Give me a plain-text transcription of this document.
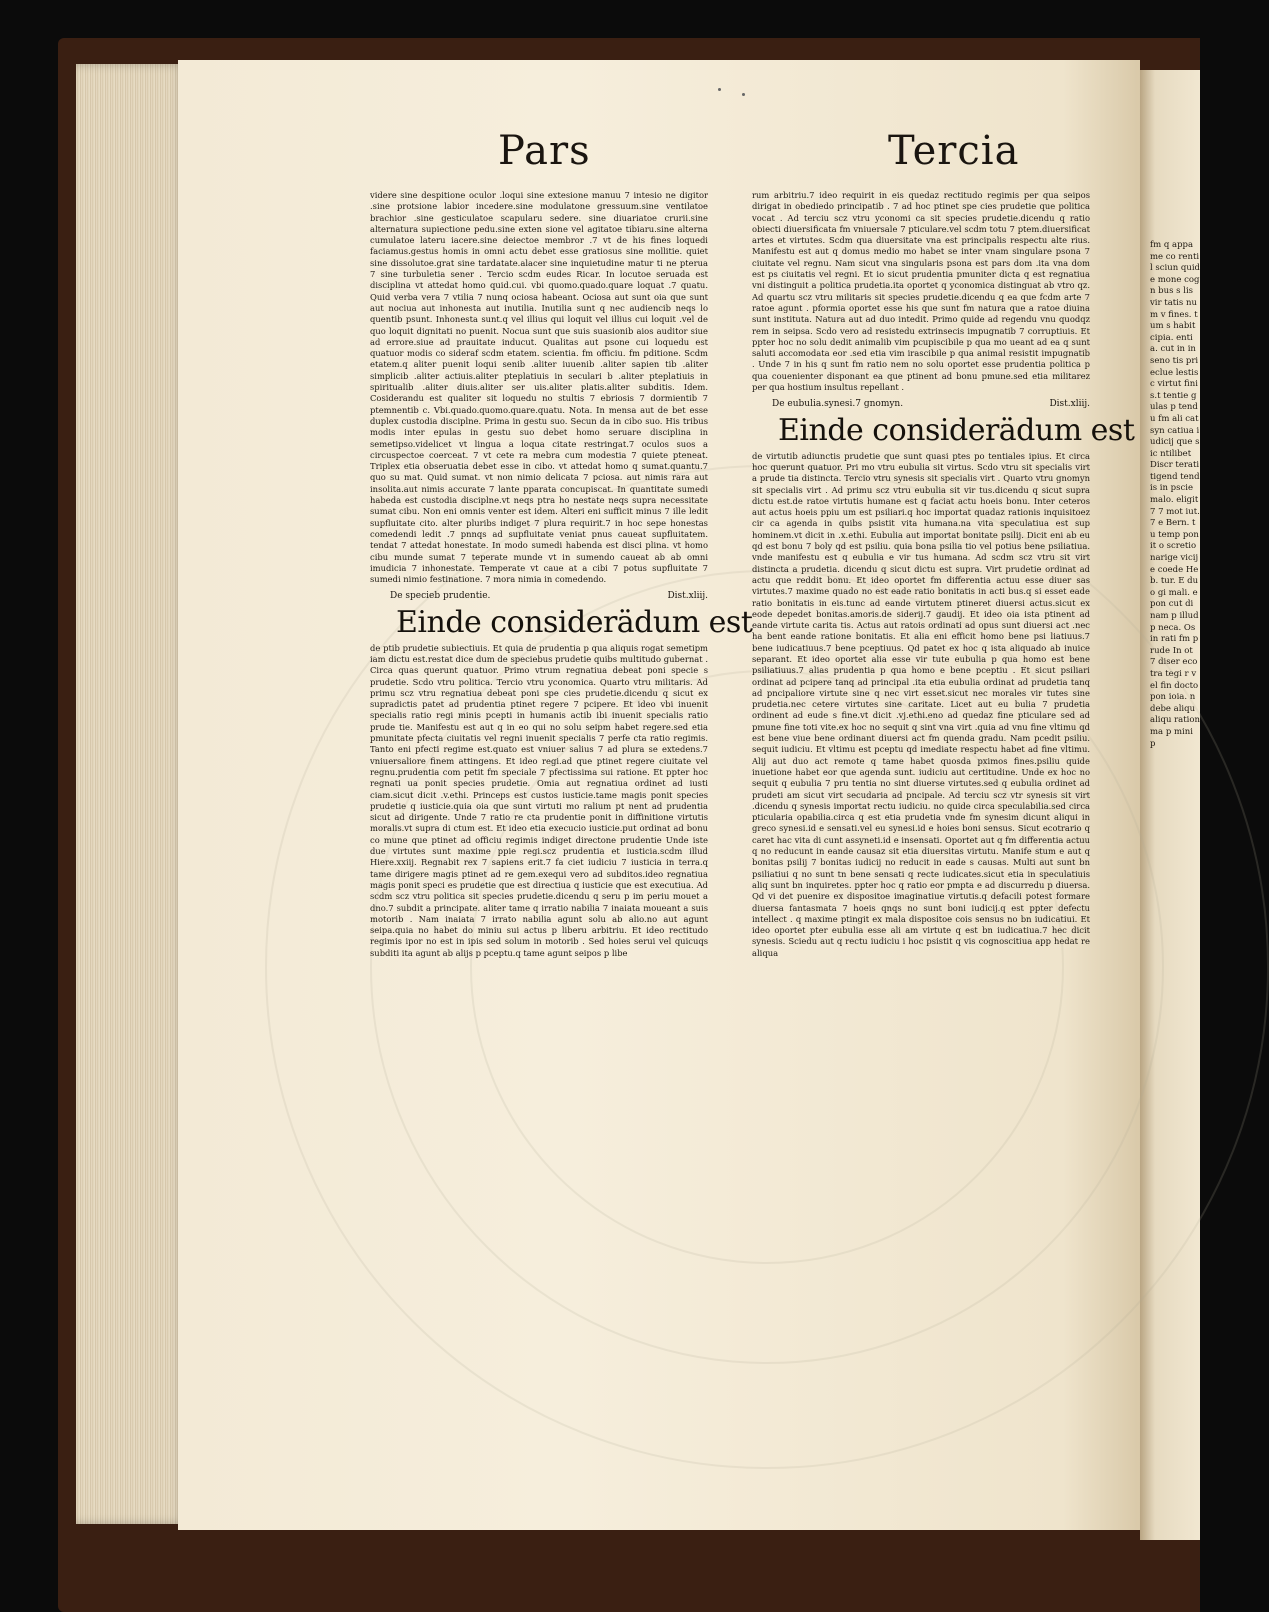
fm q appa me co rentil sciun quide mone cogn bus s lis vir tatis num v fines. tum s habit cipia. entia. cut in inseno tis pri eclue lestis c virtut finis.t tentie gulas p tendu fm ali cat syn catiua iudicij que sic ntilibet Discr terati tigend tendis in pscie malo. eligit 7 7 mot iut.7 e Bern. tu temp ponit o scretio narige vicij e coede Heb. tur. E duo gi mali. epon cut di nam p illud p neca. Os in rati fm prude In ot 7 diser ecotra tegi r vel fin docto pon ioia. n debe aliqu aliqu ration ma p mini p
Pars	Tercia

videre sine despitione oculor .loqui sine extesione manuu 7 intesio ne digitor .sine protsione labior incedere.sine modulatone gressuum.sine ventilatoe brachior .sine gesticulatoe scapularu sedere. sine diuariatoe crurii.sine alternatura supiectione pedu.sine exten sione vel agitatoe tibiaru.sine alterna cumulatoe lateru iacere.sine deiectoe membror .7 vt de his fines loquedi faciamus.gestus homis in omni actu debet esse gratiosus sine mollitie. quiet sine dissolutoe.grat sine tardatate.alacer sine inquietudine matur ti ne pterua 7 sine turbuletia sener . Tercio scdm eudes Ricar. In locutoe seruada est disciplina vt attedat homo quid.cui. vbi quomo.quado.quare loquat .7 quatu. Quid verba vera 7 vtilia 7 nunq ociosa habeant. Ociosa aut sunt oia que sunt aut nociua aut inhonesta aut inutilia. Inutilia sunt q nec audiencib neqs lo quentib psunt. Inhonesta sunt.q vel illius qui loquit vel illius cui loquit .vel de quo loquit dignitati no puenit. Nocua sunt que suis suasionib aios auditor siue ad errore.siue ad prauitate inducut. Qualitas aut psone cui loquedu est quatuor modis co sideraf scdm etatem. scientia. fm officiu. fm pditione. Scdm etatem.q aliter puenit loqui senib .aliter iuuenib .aliter sapien tib .aliter simplicib .aliter actiuis.aliter pteplatiuis in seculari b .aliter pteplatiuis in spiritualib .aliter diuis.aliter ser uis.aliter platis.aliter subditis. Idem. Cosiderandu est qualiter sit loquedu no stultis 7 ebriosis 7 dormientib 7 ptemnentib c. Vbi.quado.quomo.quare.quatu. Nota. In mensa aut de bet esse duplex custodia disciplne. Prima in gestu suo. Secun da in cibo suo. His tribus modis inter epulas in gestu suo debet homo seruare disciplina in semetipso.videlicet vt lingua a loqua citate restringat.7 oculos suos a circuspectoe coerceat. 7 vt cete ra mebra cum modestia 7 quiete pteneat. Triplex etia obseruatia debet esse in cibo. vt attedat homo q sumat.quantu.7 quo su mat. Quid sumat. vt non nimio delicata 7 pciosa. aut nimis rara aut insolita.aut nimis accurate 7 lante pparata concupiscat. In quantitate sumedi habeda est custodia disciplne.vt neqs ptra ho nestate neqs supra necessitate sumat cibu. Non eni omnis venter est idem. Alteri eni sufficit minus 7 ille ledit supfluitate cito. alter pluribs indiget 7 plura requirit.7 in hoc sepe honestas comedendi ledit .7 pnnqs ad supfluitate veniat pnus caueat supfluitatem. tendat 7 attedat honestate. In modo sumedi habenda est disci plina. vt homo cibu munde sumat 7 teperate munde vt in sumendo caueat ab ab omni imudicia 7 inhonestate. Temperate vt caue at a cibi 7 potus supfluitate 7 sumedi nimio festinatione. 7 mora nimia in comedendo.

De specieb prudentie.	Dist.xliij.
Einde considerädum est

de ptib prudetie subiectiuis. Et quia de prudentia p qua aliquis rogat semetipm iam dictu est.restat dice dum de speciebus prudetie quibs multitudo gubernat . Circa quas querunt quatuor. Primo vtrum regnatiua debeat poni specie s prudetie. Scdo vtru politica. Tercio vtru yconomica. Quarto vtru militaris. Ad primu scz vtru regnatiua debeat poni spe cies prudetie.dicendu q sicut ex supradictis patet ad prudentia ptinet regere 7 pcipere. Et ideo vbi inuenit specialis ratio regi minis pcepti in humanis actib ibi inuenit specialis ratio prude tie. Manifestu est aut q in eo qui no solu seipm habet regere.sed etia pmunitate pfecta ciuitatis vel regni inuenit specialis 7 perfe cta ratio regimis. Tanto eni pfecti regime est.quato est vniuer salius 7 ad plura se extedens.7 vniuersaliore finem attingens. Et ideo regi.ad que ptinet regere ciuitate vel regnu.prudentia com petit fm speciale 7 pfectissima sui ratione. Et ppter hoc regnati ua ponit species prudetie. Omia aut regnatiua ordinet ad iusti ciam.sicut dicit .v.ethi. Princeps est custos iusticie.tame magis ponit species prudetie q iusticie.quia oia que sunt virtuti mo ralium pt nent ad prudentia sicut ad dirigente. Unde 7 ratio re cta prudentie ponit in diffinitione virtutis moralis.vt supra di ctum est. Et ideo etia execucio iusticie.put ordinat ad bonu co mune que ptinet ad officiu regimis indiget directone prudentie Unde iste due virtutes sunt maxime ppie regi.scz prudentia et iusticia.scdm illud Hiere.xxiij. Regnabit rex 7 sapiens erit.7 fa ciet iudiciu 7 iusticia in terra.q tame dirigere magis ptinet ad re gem.exequi vero ad subditos.ideo regnatiua magis ponit speci es prudetie que est directiua q iusticie que est executiua. Ad scdm scz vtru politica sit species prudetie.dicendu q seru p im periu mouet a dno.7 subdit a principate. aliter tame q irratio nabilia 7 inaiata moueant a suis motorib . Nam inaiata 7 irrato nabilia agunt solu ab alio.no aut agunt seipa.quia no habet do miniu sui actus p liberu arbitriu. Et ideo rectitudo regimis ipor no est in ipis sed solum in motorib . Sed hoies serui vel quicuqs subditi ita agunt ab alijs p pceptu.q tame agunt seipos p libe

rum arbitriu.7 ideo requirit in eis quedaz rectitudo regimis per qua seipos dirigat in obediedo principatib . 7 ad hoc ptinet spe cies prudetie que politica vocat . Ad terciu scz vtru yconomi ca sit species prudetie.dicendu q ratio obiecti diuersificata fm vniuersale 7 pticulare.vel scdm totu 7 ptem.diuersificat artes et virtutes. Scdm qua diuersitate vna est principalis respectu alte rius. Manifestu est aut q domus medio mo habet se inter vnam singulare psona 7 ciuitate vel regnu. Nam sicut vna singularis psona est pars dom .ita vna dom est ps ciuitatis vel regni. Et io sicut prudentia pmuniter dicta q est regnatiua vni distinguit a politica prudetia.ita oportet q yconomica distinguat ab vtro qz. Ad quartu scz vtru militaris sit species prudetie.dicendu q ea que fcdm arte 7 ratoe agunt . pformia oportet esse his que sunt fm natura que a ratoe diuina sunt instituta. Natura aut ad duo intedit. Primo quide ad regendu vnu quodqz rem in seipsa. Scdo vero ad resistedu extrinsecis impugnatib 7 corruptiuis. Et ppter hoc no solu dedit animalib vim pcupiscibile p qua mo ueant ad ea q sunt saluti accomodata eor .sed etia vim irascibile p qua animal resistit impugnatib . Unde 7 in his q sunt fm ratio nem no solu oportet esse prudentia politica p qua couenienter disponant ea que ptinent ad bonu pmune.sed etia militarez per qua hostium insultus repellant .

De eubulia.synesi.7 gnomyn.	Dist.xliij.
Einde considerädum est

de virtutib adiunctis prudetie que sunt quasi ptes po tentiales ipius. Et circa hoc querunt quatuor. Pri mo vtru eubulia sit virtus. Scdo vtru sit specialis virt a prude tia distincta. Tercio vtru synesis sit specialis virt . Quarto vtru gnomyn sit specialis virt . Ad primu scz vtru eubulia sit vir tus.dicendu q sicut supra dictu est.de ratoe virtutis humane est q faciat actu hoeis bonu. Inter ceteros aut actus hoeis ppiu um est psiliari.q hoc importat quadaz rationis inquisitoez cir ca agenda in quibs psistit vita humana.na vita speculatiua est sup hominem.vt dicit in .x.ethi. Eubulia aut importat bonitate psilij. Dicit eni ab eu qd est bonu 7 boly qd est psiliu. quia bona psilia tio vel potius bene psiliatiua. vnde manifestu est q eubulia e vir tus humana. Ad scdm scz vtru sit virt distincta a prudetia. dicendu q sicut dictu est supra. Virt prudetie ordinat ad actu que reddit bonu. Et ideo oportet fm differentia actuu esse diuer sas virtutes.7 maxime quado no est eade ratio bonitatis in acti bus.q si esset eade ratio bonitatis in eis.tunc ad eande virtutem ptineret diuersi actus.sicut ex eode depedet bonitas.amoris.de siderij.7 gaudij. Et ideo oia ista ptinent ad eande virtute carita tis. Actus aut ratois ordinati ad opus sunt diuersi act .nec ha bent eande ratione bonitatis. Et alia eni efficit homo bene psi liatiuus.7 bene iudicatiuus.7 bene pceptiuus. Qd patet ex hoc q ista aliquado ab inuice separant. Et ideo oportet alia esse vir tute eubulia p qua homo est bene psiliatiuus.7 alias prudentia p qua homo e bene pceptiu . Et sicut psiliari ordinat ad pcipere tanq ad principal .ita etia eubulia ordinat ad prudetia tanq ad pncipaliore virtute sine q nec virt esset.sicut nec morales vir tutes sine prudetia.nec cetere virtutes sine caritate. Licet aut eu bulia 7 prudetia ordinent ad eude s fine.vt dicit .vj.ethi.eno ad quedaz fine pticulare sed ad pmune fine toti vite.ex hoc no sequit q sint vna virt .quia ad vnu fine vltimu qd est bene viue bene ordinant diuersi act fm quenda gradu. Nam pcedit psiliu. sequit iudiciu. Et vltimu est pceptu qd imediate respectu habet ad fine vltimu. Alij aut duo act remote q tame habet quosda pximos fines.psiliu quide inuetione habet eor que agenda sunt. iudiciu aut certitudine. Unde ex hoc no sequit q eubulia 7 pru tentia no sint diuerse virtutes.sed q eubulia ordinet ad prudeti am sicut virt secudaria ad pncipale. Ad terciu scz vtr synesis sit virt .dicendu q synesis importat rectu iudiciu. no quide circa speculabilia.sed circa pticularia opabilia.circa q est etia prudetia vnde fm synesim dicunt aliqui in greco synesi.id e sensati.vel eu synesi.id e hoies boni sensus. Sicut ecotrario q caret hac vita di cunt assyneti.id e insensati. Oportet aut q fm differentia actuu q no reducunt in eande causaz sit etia diuersitas virtutu. Manife stum e aut q bonitas psilij 7 bonitas iudicij no reducit in eade s causas. Multi aut sunt bn psiliatiui q no sunt tn bene sensati q recte iudicates.sicut etia in speculatiuis aliq sunt bn inquiretes. ppter hoc q ratio eor pmpta e ad discurredu p diuersa. Qd vi det puenire ex dispositoe imaginatiue virtutis.q defacili potest formare diuersa fantasmata 7 hoeis qnqs no sunt boni iudicij.q est ppter defectu intellect . q maxime ptingit ex mala dispositoe cois sensus no bn iudicatiui. Et ideo oportet pter eubulia esse ali am virtute q est bn iudicatiua.7 hec dicit synesis. Sciedu aut q rectu iudiciu i hoc psistit q vis cognoscitiua app hedat re aliqua
